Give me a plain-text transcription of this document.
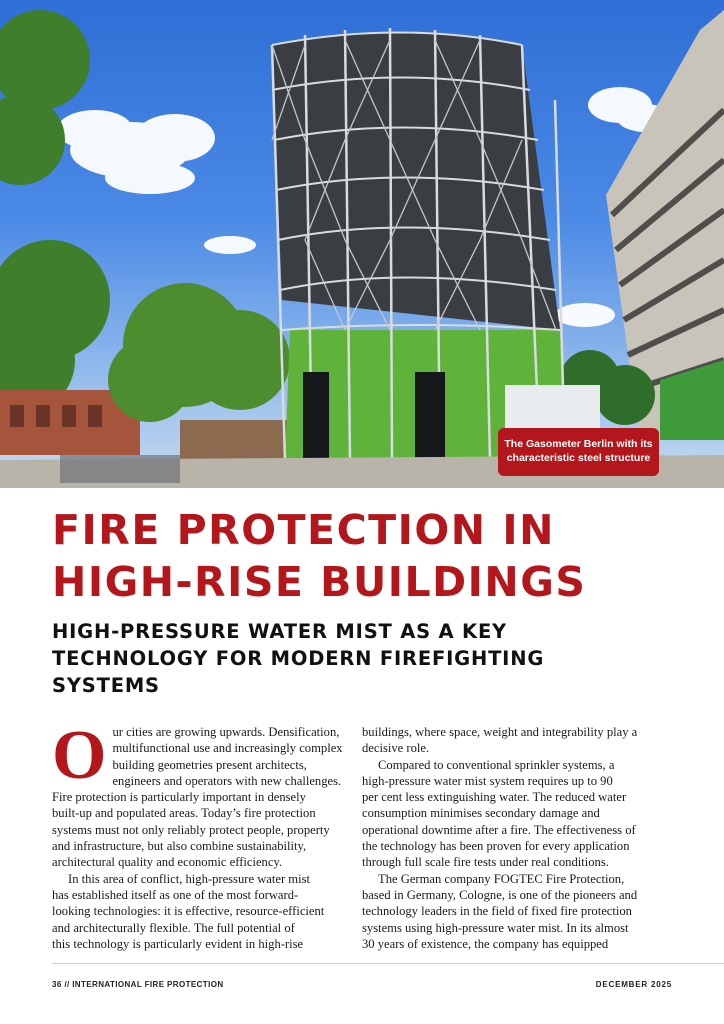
The Gasometer Berlin with its characteristic steel structure
FIRE PROTECTION IN
HIGH-RISE BUILDINGS
HIGH-PRESSURE WATER MIST AS A KEY
TECHNOLOGY FOR MODERN FIREFIGHTING
SYSTEMS

O ur cities are growing upwards. Densification,
multifunctional use and increasingly complex
building geometries present architects,
engineers and operators with new challenges.
Fire protection is particularly important in densely
built-up and populated areas. Today’s fire protection
systems must not only reliably protect people, property
and infrastructure, but also combine sustainability,
architectural quality and economic efficiency.

In this area of conflict, high-pressure water mist
has established itself as one of the most forward-
looking technologies: it is effective, resource-efficient
and architecturally flexible. The full potential of
this technology is particularly evident in high-rise

buildings, where space, weight and integrability play a
decisive role.

Compared to conventional sprinkler systems, a
high-pressure water mist system requires up to 90
per cent less extinguishing water. The reduced water
consumption minimises secondary damage and
operational downtime after a fire. The effectiveness of
the technology has been proven for every application
through full scale fire tests under real conditions.

The German company FOGTEC Fire Protection,
based in Germany, Cologne, is one of the pioneers and
technology leaders in the field of fixed fire protection
systems using high-pressure water mist. In its almost
30 years of existence, the company has equipped

36 // INTERNATIONAL FIRE PROTECTION	DECEMBER 2025
